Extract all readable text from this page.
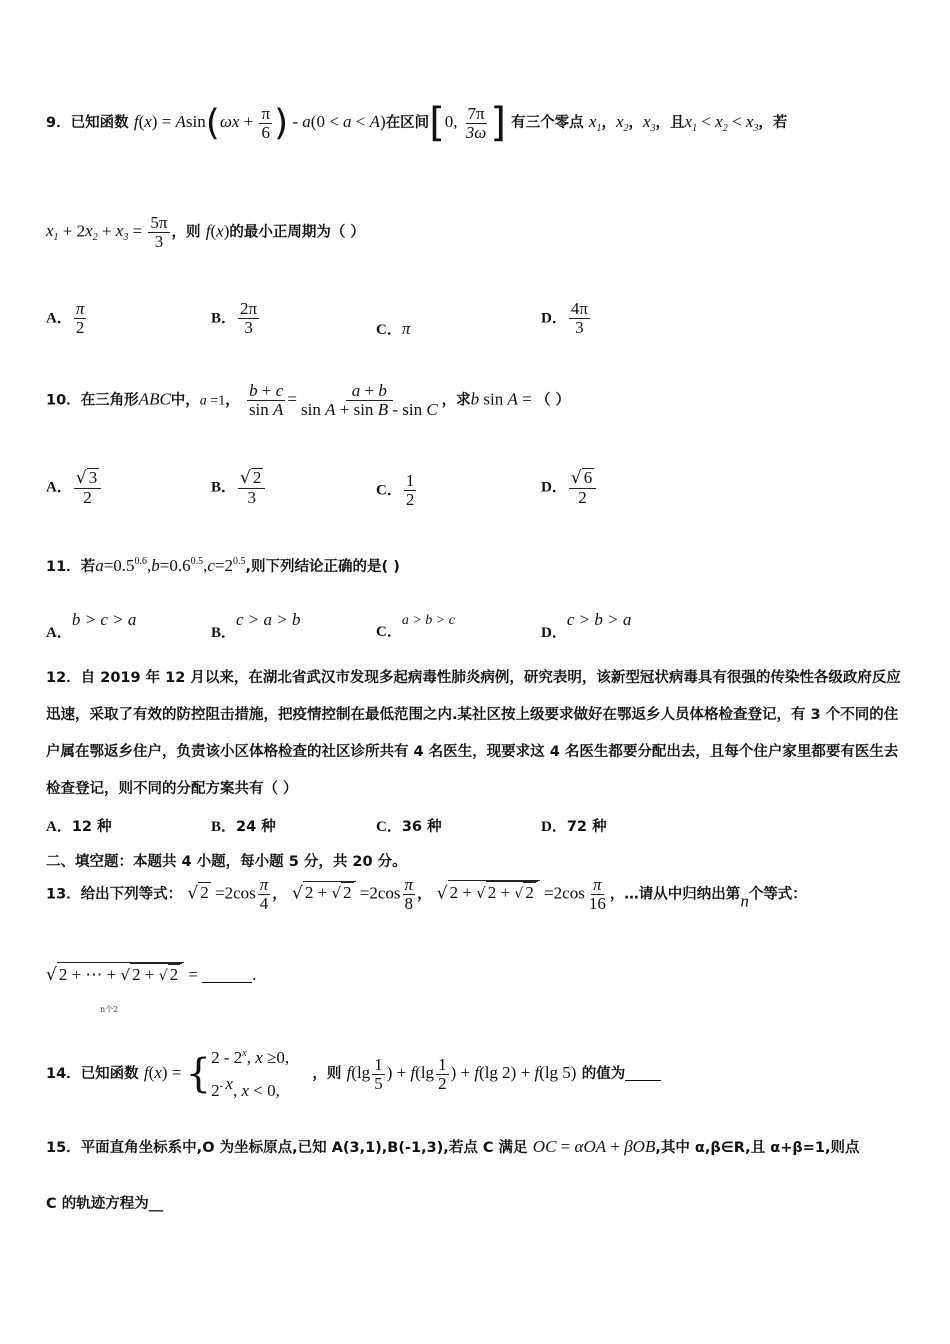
9．已知函数 $f(x) = Asin(\omega x + \frac{\pi}{6}$ ) - a(0 < a < A)在区间[0, $\frac{7\pi}{3\omega}$ ] 有三个零点 $x_1$，$x_2$，$x_3$，且$x_1 < x_2 < x_3$，若
$x_1 + 2x_2 + x_3 = \frac{5\pi}{3}$ ，则 f(x)的最小正周期为（ ）
A． $\frac{\pi}{2}$	B． $\frac{2\pi}{3}$	C．π
D． $\frac{4\pi}{3}$
10．在三角形ABC中，a =1， $\frac{b + c}{\text{sin A}} = \frac{a + b}{\text{sin A + sin B - sin C}}$ ，求b sin A = （ ）
A． $\frac{√ 3}{2}$	B． $\frac{√ 2}{3}$	C． $\frac{1}{2}$	D． $\frac{√ 6}{2}$
11．若$a=0.5^{0.6},b=0.6^{0.5},c=2^{0.5}$,则下列结论正确的是( )
A．b > c > a
B．c > a > b
C．a > b > c
D．c > b > a
12．自 2019 年 12 月以来，在湖北省武汉市发现多起病毒性肺炎病例，研究表明，该新型冠状病毒具有很强的传染性各级政府反应迅速，采取了有效的防控阻击措施，把疫情控制在最低范围之内.某社区按上级要求做好在鄂返乡人员体格检查登记，有 3 个不同的住户属在鄂返乡住户，负责该小区体格检查的社区诊所共有 4 名医生，现要求这 4 名医生都要分配出去，且每个住户家里都要有医生去检查登记，则不同的分配方案共有（ ）
A．12 种	B．24 种	C．36 种	D．72 种
二、填空题：本题共 4 小题，每小题 5 分，共 20 分。
13．给出下列等式： √ $2 =2\cos \frac{\pi}{4}$ ， √ 2 + √ $2 =2\cos \frac{\pi}{8}$ ， √ 2 + √ 2 + √ $2 =2\cos \frac{\pi}{16}$ ，…请从中归纳出第n个等式：
√ 2 + ⋯ + √ 2 + √ 2 =	.
n个2
14．已知函数 f(x) = { 2 - 2$^x$, x ≥0,
$2^{- x}$, x < 0,
，则 $f(\lg \frac{1}{5}$ ) + $f(\lg \frac{1}{2}$ ) + f(lg 2) + f(lg 5) 的值为
15．平面直角坐标系中,O 为坐标原点,已知 A(3,1),B(-1,3),若点 C 满足 OC = αOA + βOB,其中 α,β∈R,且 α+β=1,则点
C 的轨迹方程为__
